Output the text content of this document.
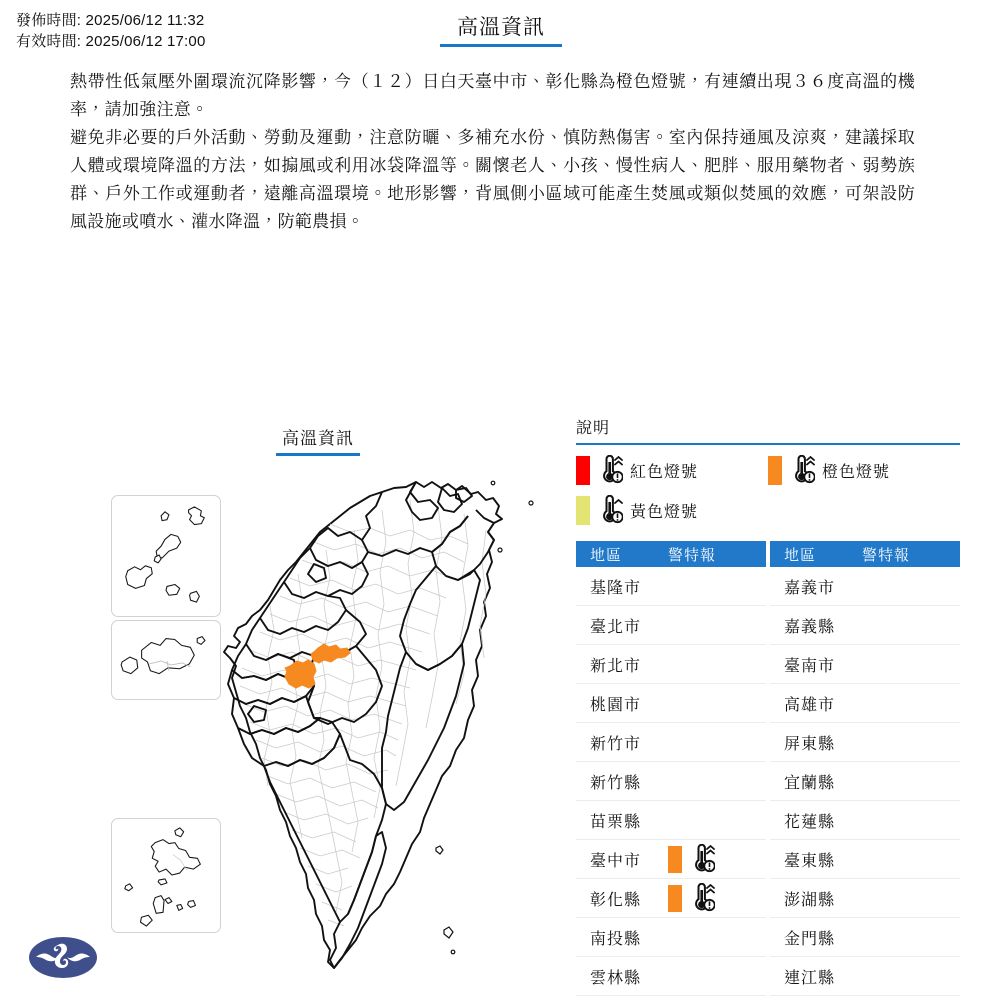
發佈時間: 2025/06/12 11:32
有效時間: 2025/06/12 17:00
高溫資訊

熱帶性低氣壓外圍環流沉降影響，今（１２）日白天臺中市、彰化縣為橙色燈號，有連續出現３６度高溫的機率，請加強注意。

避免非必要的戶外活動、勞動及運動，注意防曬、多補充水份、慎防熱傷害。室內保持通風及涼爽，建議採取人體或環境降溫的方法，如搧風或利用冰袋降溫等。關懷老人、小孩、慢性病人、肥胖、服用藥物者、弱勢族群、戶外工作或運動者，遠離高溫環境。地形影響，背風側小區域可能產生焚風或類似焚風的效應，可架設防風設施或噴水、灌水降溫，防範農損。

高溫資訊
說明
紅色燈號	橙色燈號
黃色燈號
地區	警特報
基隆市
臺北市
新北市
桃園市
新竹市
新竹縣
苗栗縣
臺中市
彰化縣
南投縣
雲林縣
地區	警特報
嘉義市
嘉義縣
臺南市
高雄市
屏東縣
宜蘭縣
花蓮縣
臺東縣
澎湖縣
金門縣
連江縣
